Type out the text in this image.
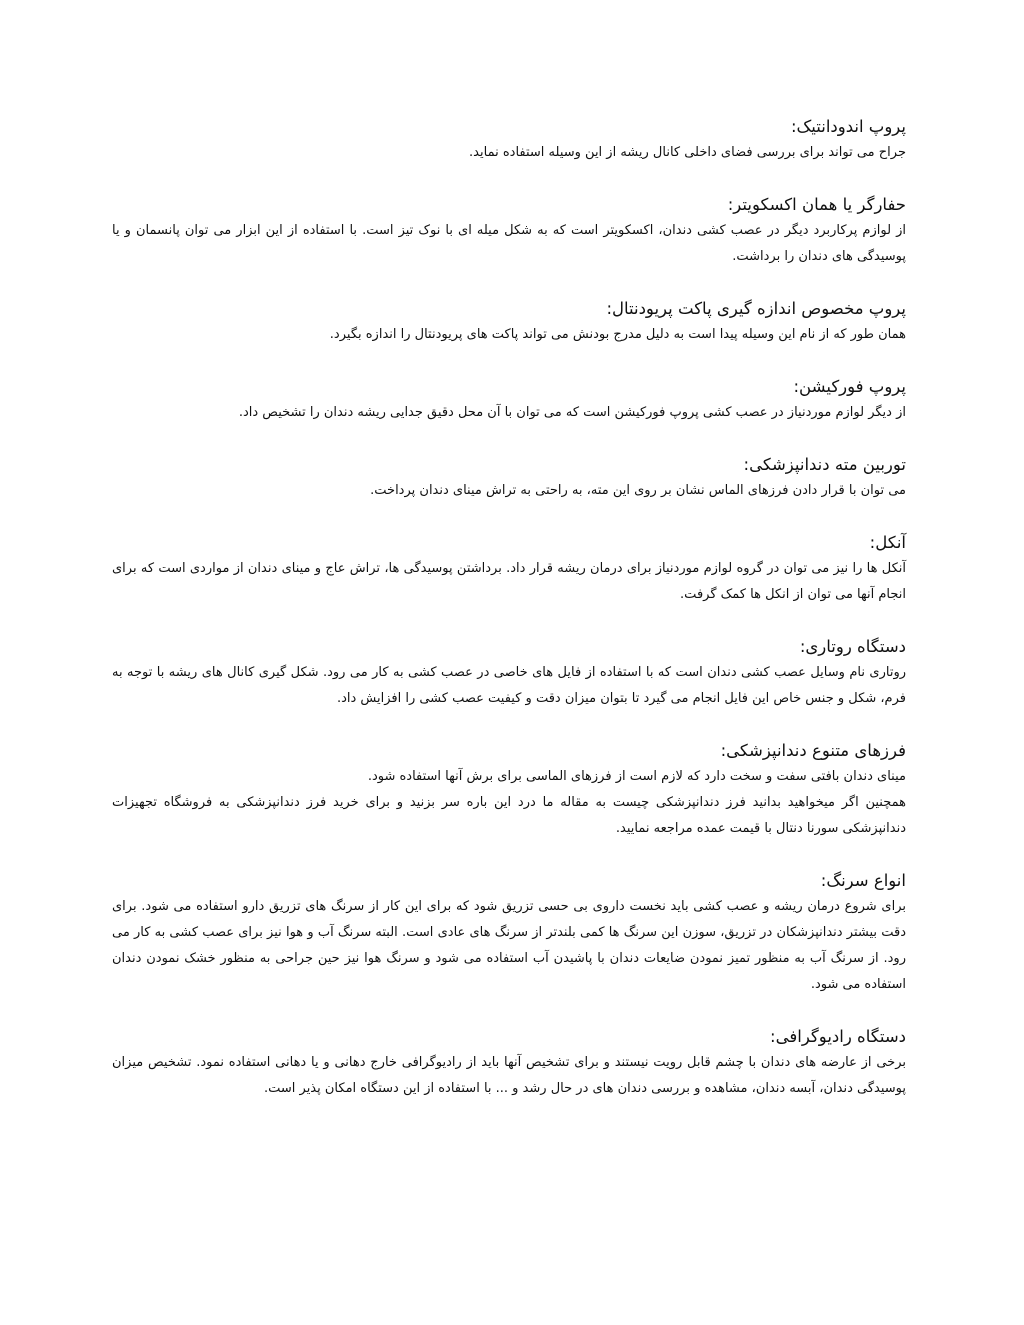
پروپ اندودانتیک:

جراح می تواند برای بررسی فضای داخلی کانال ریشه از این وسیله استفاده نماید.

حفارگر یا همان اکسکویتر:

از لوازم پرکاربرد دیگر در عصب کشی دندان، اکسکویتر است که به شکل میله ای با نوک تیز است. با استفاده از این ابزار می توان پانسمان و یا پوسیدگی های دندان را برداشت.

پروپ مخصوص اندازه گیری پاکت پریودنتال:

همان طور که از نام این وسیله پیدا است به دلیل مدرج بودنش می تواند پاکت های پریودنتال را اندازه بگیرد.

پروپ فورکیشن:

از دیگر لوازم موردنیاز در عصب کشی پروپ فورکیشن است که می توان با آن محل دقیق جدایی ریشه دندان را تشخیص داد.

توربین مته دندانپزشکی:

می توان با قرار دادن فرزهای الماس نشان بر روی این مته، به راحتی به تراش مینای دندان پرداخت.

آنکل:

آنکل ها را نیز می توان در گروه لوازم موردنیاز برای درمان ریشه قرار داد. برداشتن پوسیدگی ها، تراش عاج و مینای دندان از مواردی است که برای انجام آنها می توان از انکل ها کمک گرفت.

دستگاه روتاری:

روتاری نام وسایل عصب کشی دندان است که با استفاده از فایل های خاصی در عصب کشی به کار می رود. شکل گیری کانال های ریشه با توجه به فرم، شکل و جنس خاص این فایل انجام می گیرد تا بتوان میزان دقت و کیفیت عصب کشی را افزایش داد.

فرزهای متنوع دندانپزشکی:

مینای دندان بافتی سفت و سخت دارد که لازم است از فرزهای الماسی برای برش آنها استفاده شود.

همچنین اگر میخواهید بدانید فرز دندانپزشکی چیست به مقاله ما درد این باره سر بزنید و برای خرید فرز دندانپزشکی به فروشگاه تجهیزات دندانپزشکی سورنا دنتال با قیمت عمده مراجعه نمایید.

انواع سرنگ:

برای شروع درمان ریشه و عصب کشی باید نخست داروی بی حسی تزریق شود که برای این کار از سرنگ های تزریق دارو استفاده می شود. برای دقت بیشتر دندانپزشکان در تزریق، سوزن این سرنگ ها کمی بلندتر از سرنگ های عادی است. البته سرنگ آب و هوا نیز برای عصب کشی به کار می رود. از سرنگ آب به منظور تمیز نمودن ضایعات دندان با پاشیدن آب استفاده می شود و سرنگ هوا نیز حین جراحی به منظور خشک نمودن دندان استفاده می شود.

دستگاه رادیوگرافی:

برخی از عارضه های دندان با چشم قابل رویت نیستند و برای تشخیص آنها باید از رادیوگرافی خارج دهانی و یا دهانی استفاده نمود. تشخیص میزان پوسیدگی دندان، آبسه دندان، مشاهده و بررسی دندان های در حال رشد و ... با استفاده از این دستگاه امکان پذیر است.
